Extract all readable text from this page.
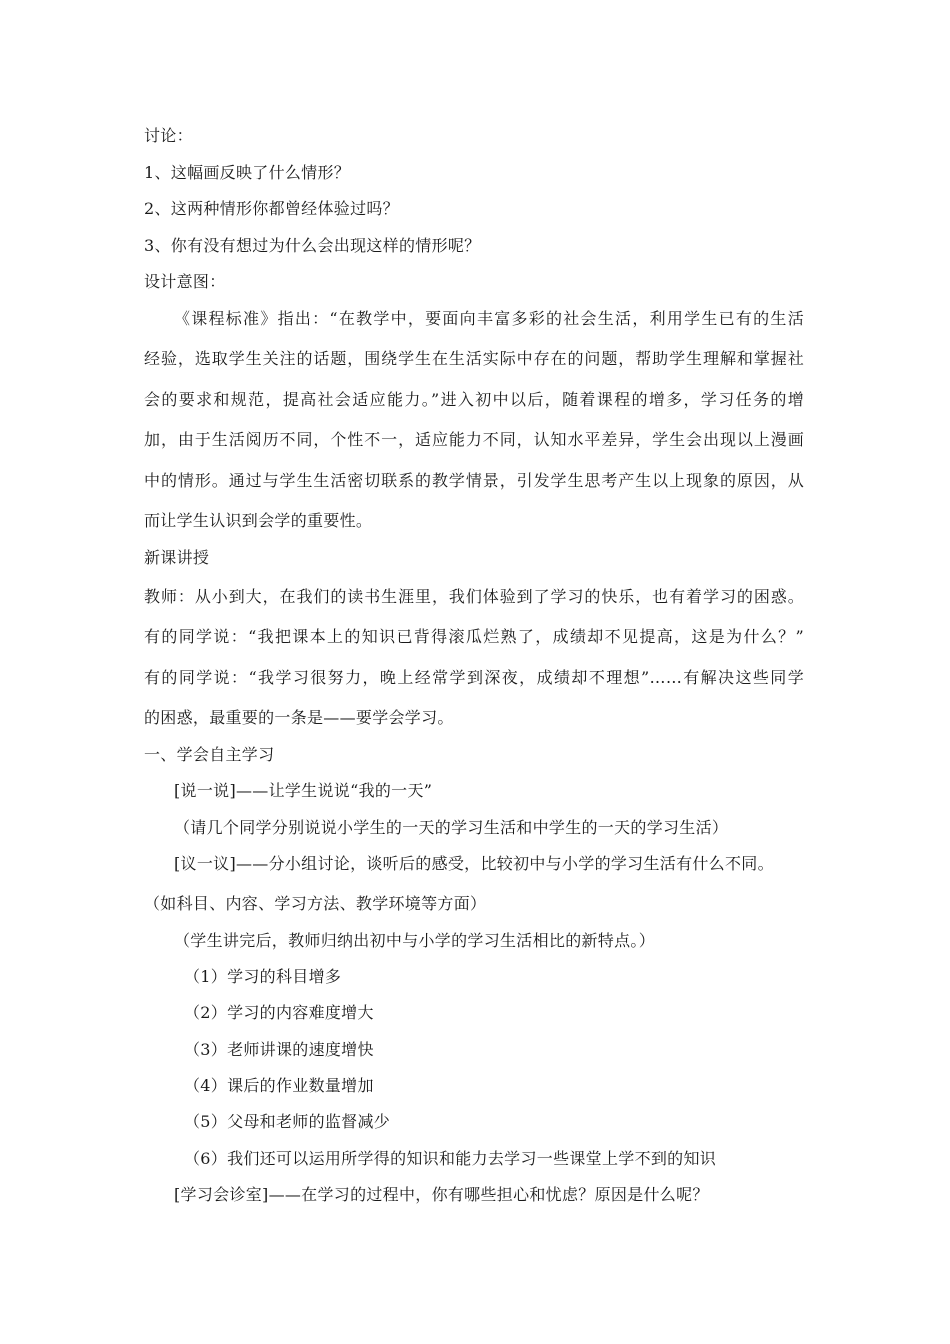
讨论：
1、这幅画反映了什么情形？
2、这两种情形你都曾经体验过吗？
3、你有没有想过为什么会出现这样的情形呢？
设计意图：
《课程标准》指出：“在教学中，要面向丰富多彩的社会生活，利用学生已有的生活
经验，选取学生关注的话题，围绕学生在生活实际中存在的问题，帮助学生理解和掌握社
会的要求和规范，提高社会适应能力。”进入初中以后，随着课程的增多，学习任务的增
加，由于生活阅历不同，个性不一，适应能力不同，认知水平差异，学生会出现以上漫画
中的情形。通过与学生生活密切联系的教学情景，引发学生思考产生以上现象的原因，从
而让学生认识到会学的重要性。
新课讲授
教师：从小到大，在我们的读书生涯里，我们体验到了学习的快乐，也有着学习的困惑。
有的同学说：“我把课本上的知识已背得滚瓜烂熟了，成绩却不见提高，这是为什么？”
有的同学说：“我学习很努力，晚上经常学到深夜，成绩却不理想”……有解决这些同学
的困惑，最重要的一条是——要学会学习。
一、学会自主学习
[说一说]——让学生说说“我的一天”
（请几个同学分别说说小学生的一天的学习生活和中学生的一天的学习生活）
[议一议]——分小组讨论，谈听后的感受，比较初中与小学的学习生活有什么不同。
（如科目、内容、学习方法、教学环境等方面）
（学生讲完后，教师归纳出初中与小学的学习生活相比的新特点。）
（1）学习的科目增多
（2）学习的内容难度增大
（3）老师讲课的速度增快
（4）课后的作业数量增加
（5）父母和老师的监督减少
（6）我们还可以运用所学得的知识和能力去学习一些课堂上学不到的知识
[学习会诊室]——在学习的过程中，你有哪些担心和忧虑？原因是什么呢？
